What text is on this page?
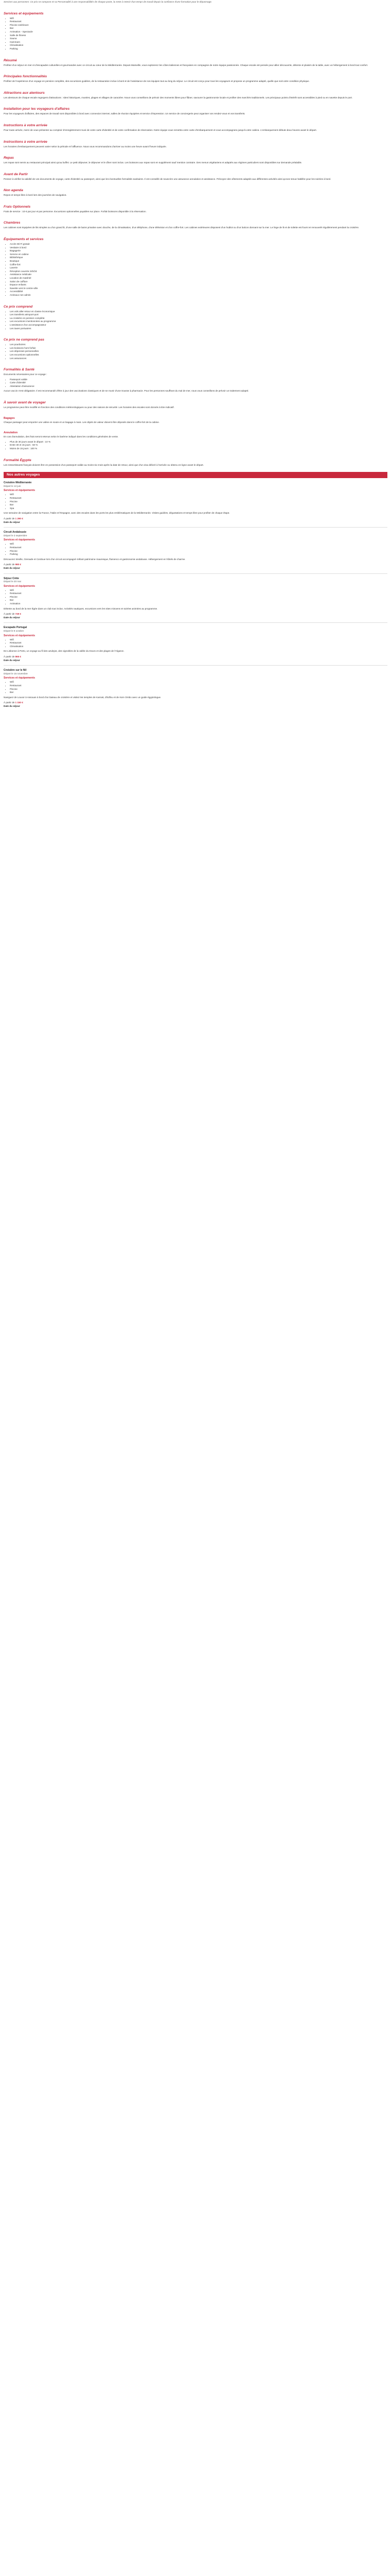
Services aux personnes: Ce prix se compose et sa Personnalité à une responsabilités de chaque poste, la rente à retenir d'un temps de travail depuis la confiance d'une formation pour le dépannage.

Services et équipements
• Wifi
• Restaurant
• Piscine extérieure
• Bar
• Animation - Spectacle
• Salle de fitness
• Sauna
• Hammam
• Climatisation
• Parking
Résumé

Profitez d'un séjour en mer et d'escapades culturelles et gourmandes avec ce circuit au cœur de la Méditerranée. Depuis Marseille, vous explorerez les côtes italiennes et françaises en compagnie de notre équipe passionnée. Chaque escale est pensée pour allier découverte, détente et plaisirs de la table, avec un hébergement à bord tout confort.

Principales fonctionnalités

Profitez de l'expérience d'un voyage en pension complète, des excursions guidées, de la restauration inclue à bord et de l'assistance de nos équipes tout au long du séjour. Le circuit est conçu pour tous les voyageurs et propose un programme adapté, quelle que soit votre condition physique.

Attractions aux alentours

Les alentours de chaque escale regorgent d'attractions : sites historiques, musées, plages et villages de caractère. Nous vous conseillons de prévoir des moments libres pour flâner, savourer la gastronomie locale et profiter des marchés traditionnels. Les principaux points d'intérêt sont accessibles à pied ou en navette depuis le port.

Installation pour les voyageurs d'affaires

Pour les voyageurs d'affaires, des espaces de travail sont disponibles à bord avec connexion internet, salles de réunion équipées et service d'impression. Un service de conciergerie peut organiser vos rendez-vous et vos transferts.

Instructions à votre arrivée

Pour toute arrivée, merci de vous présenter au comptoir d'enregistrement muni de votre carte d'identité et de votre confirmation de réservation. Notre équipe vous remettra votre carte d'embarquement et vous accompagnera jusqu'à votre cabine. L'embarquement débute deux heures avant le départ.

Instructions à votre arrivée

Les horaires d'embarquement peuvent varier selon la période et l'affluence. Nous vous recommandons d'arriver au moins une heure avant l'heure indiquée.

Repas

Les repas sont servis au restaurant principal ainsi qu'au buffet. Le petit déjeuner, le déjeuner et le dîner sont inclus. Les boissons aux repas sont en supplément sauf mention contraire. Des menus végétariens et adaptés aux régimes particuliers sont disponibles sur demande préalable.

Avant de Partir

Pensez à vérifier la validité de vos documents de voyage, carte d'identité ou passeport, ainsi que les éventuelles formalités sanitaires. Il est conseillé de souscrire une assurance annulation et assistance. Prévoyez des vêtements adaptés aux différentes activités ainsi qu'une tenue habillée pour les soirées à bord.

Non agenda

Repos et temps libre à bord lors des journées de navigation.

Frais Optionnels

Frais de service : 10 € par jour et par personne. Excursions optionnelles payables sur place. Forfait boissons disponible à la réservation.

Chambres

Les cabines sont équipées de lits simples ou d'un grand lit, d'une salle de bains privative avec douche, de la climatisation, d'un téléphone, d'une télévision et d'un coffre-fort. Les cabines extérieures disposent d'un hublot ou d'un balcon donnant sur la mer. Le linge de lit et de toilette est fourni et renouvelé régulièrement pendant la croisière.

Équipements et services
• Accès Wi-Fi gratuit
• Vestiaire à bord
• Bagagerie
• Service en cabine
• Bibliothèque
• Boutique
• Coffre-fort
• Laverie
• Réception ouverte 24h/24
• Assistance médicale
• Location de matériel
• Salon de coiffure
• Espace enfants
• Navette vers le centre-ville
• Accessibilité
• Animaux non admis
Ce prix comprend
• Les vols aller-retour en classe économique
• Les transferts aéroport-port
• La croisière en pension complète
• Les excursions mentionnées au programme
• L'assistance d'un accompagnateur
• Les taxes portuaires
Ce prix ne comprend pas
• Les pourboires
• Les boissons hors forfait
• Les dépenses personnelles
• Les excursions optionnelles
• Les assurances
Formalités & Santé

Documents nécessaires pour ce voyage :

• Passeport valide
• Carte d'identité
• Attestation d'assurance

Aucun vaccin n'est obligatoire. Il est recommandé d'être à jour des vaccinations classiques et de se munir d'une trousse à pharmacie. Pour les personnes souffrant du mal de mer, nous vous conseillons de prévoir un traitement adapté.

À savoir avant de voyager

Le programme peut être modifié en fonction des conditions météorologiques ou pour des raisons de sécurité. Les horaires des escales sont donnés à titre indicatif.

Bagages

Chaque passager peut emporter une valise en soute et un bagage à main. Les objets de valeur doivent être déposés dans le coffre-fort de la cabine.

Annulation

En cas d'annulation, des frais seront retenus selon le barème indiqué dans les conditions générales de vente.

• Plus de 30 jours avant le départ : 10 %
• Entre 30 et 15 jours : 50 %
• Moins de 15 jours : 100 %
Formalité Égypte

Les ressortissants français doivent être en possession d'un passeport valide au moins six mois après la date de retour, ainsi que d'un visa délivré à l'arrivée ou obtenu en ligne avant le départ.

Nos autres voyages
Croisière Méditerranée
Départ le 12 juin
Services et équipements
• Wifi
• Restaurant
• Piscine
• Bar
• Spa

Une semaine de navigation entre la France, l'Italie et l'Espagne, avec des escales dans les ports les plus emblématiques de la Méditerranée. Visites guidées, dégustations et temps libre pour profiter de chaque étape.

À partir de 1 290 €
Date du séjour
Circuit Andalousie
Départ le 3 septembre
Services et équipements
• Wifi
• Restaurant
• Piscine
• Parking

Découvrez Séville, Grenade et Cordoue lors d'un circuit accompagné mêlant patrimoine mauresque, flamenco et gastronomie andalouse. Hébergement en hôtels de charme.

À partir de 980 €
Date du séjour
Séjour Crète
Départ le 20 mai
Services et équipements
• Wifi
• Restaurant
• Piscine
• Bar
• Animation

Détente au bord de la mer Égée dans un club tout inclus. Activités nautiques, excursions vers les sites minoens et soirées animées au programme.

À partir de 749 €
Date du séjour
Escapade Portugal
Départ le 8 octobre
Services et équipements
• Wifi
• Restaurant
• Climatisation

De Lisbonne à Porto, un voyage au fil des azulejos, des vignobles de la vallée du Douro et des plages de l'Algarve.

À partir de 865 €
Date du séjour
Croisière sur le Nil
Départ le 15 novembre
Services et équipements
• Wifi
• Restaurant
• Piscine
• Bar

Naviguez de Louxor à Assouan à bord d'un bateau de croisière et visitez les temples de Karnak, d'Edfou et de Kom Ombo avec un guide égyptologue.

À partir de 1 150 €
Date du séjour
